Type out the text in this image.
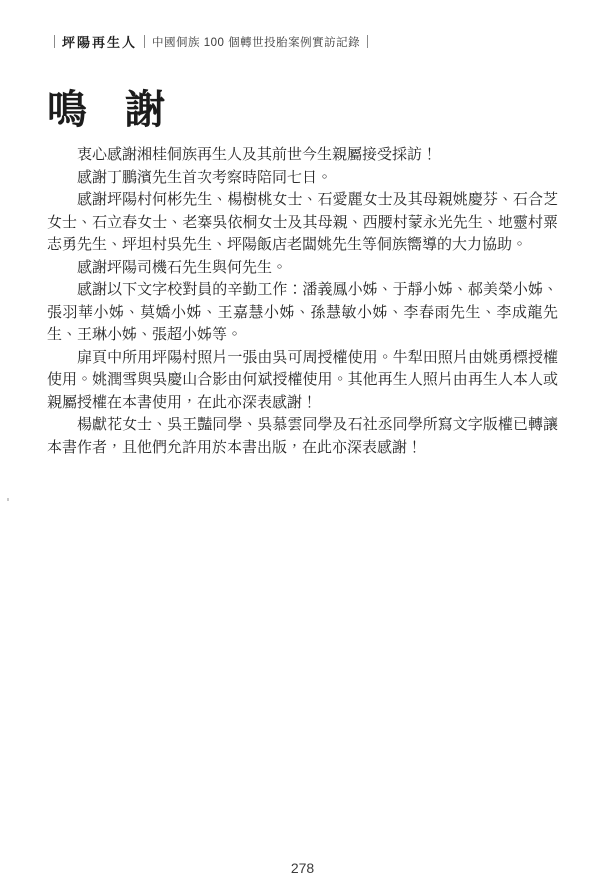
坪陽再生人 中國侗族 100 個轉世投胎案例實訪記錄
鳴 謝

衷心感謝湘桂侗族再生人及其前世今生親屬接受採訪！

感謝丁鵬濱先生首次考察時陪同七日。

感謝坪陽村何彬先生、楊樹桃女士、石愛麗女士及其母親姚慶芬、石合芝女士、石立春女士、老寨吳依桐女士及其母親、西腰村蒙永光先生、地靈村粟志勇先生、坪坦村吳先生、坪陽飯店老闆姚先生等侗族嚮導的大力協助。

感謝坪陽司機石先生與何先生。

感謝以下文字校對員的辛勤工作：潘義鳳小姊、于靜小姊、郝美榮小姊、張羽華小姊、莫嬌小姊、王嘉慧小姊、孫慧敏小姊、李春雨先生、李成龍先生、王琳小姊、張超小姊等。

扉頁中所用坪陽村照片一張由吳可周授權使用。牛犁田照片由姚勇標授權使用。姚潤雪與吳慶山合影由何斌授權使用。其他再生人照片由再生人本人或親屬授權在本書使用，在此亦深表感謝！

楊獻花女士、吳王豔同學、吳慕雲同學及石社丞同學所寫文字版權已轉讓本書作者，且他們允許用於本書出版，在此亦深表感謝！

278
